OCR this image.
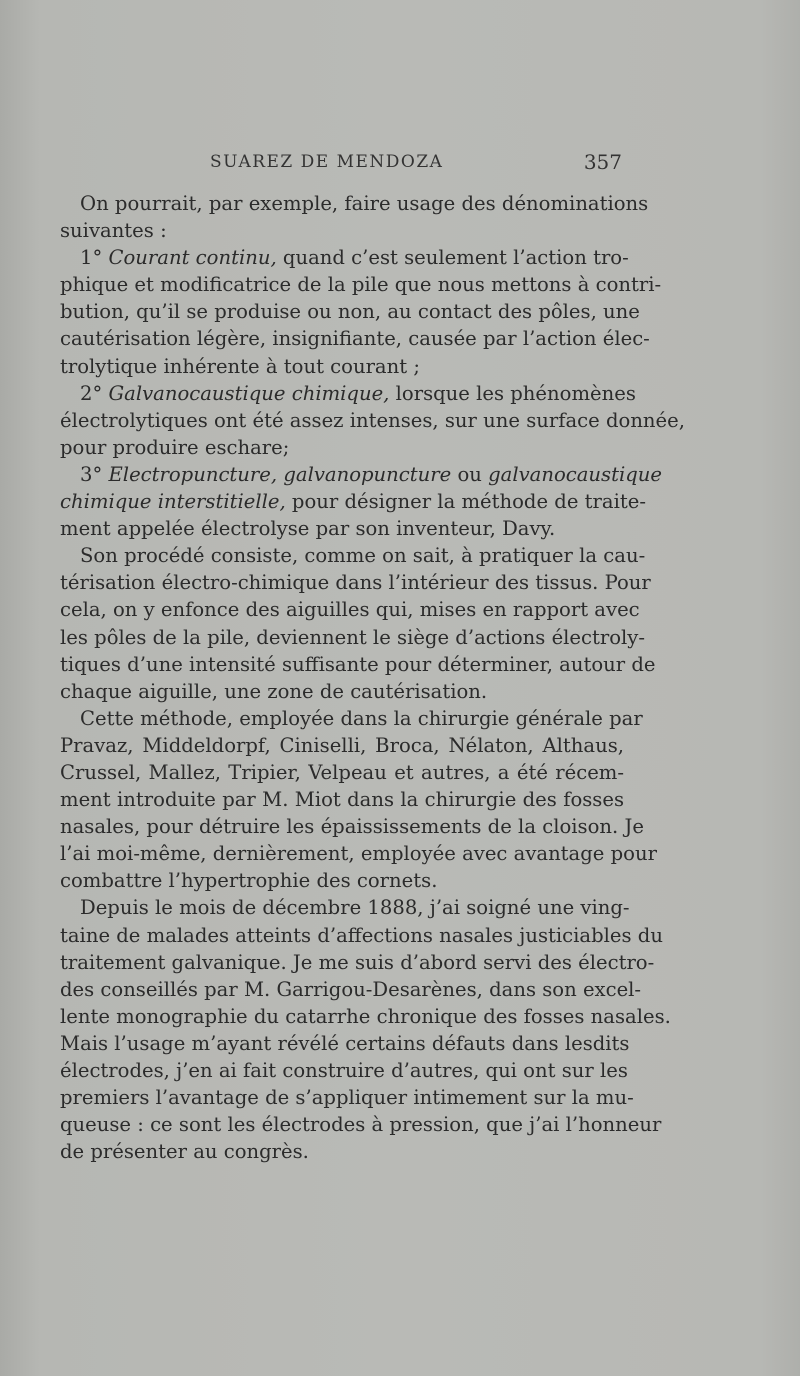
SUAREZ DE MENDOZA	357
On pourrait, par exemple, faire usage des dénominations
suivantes :
1° Courant continu, quand c’est seulement l’action tro-
phique et modificatrice de la pile que nous mettons à contri-
bution, qu’il se produise ou non, au contact des pôles, une
cautérisation légère, insignifiante, causée par l’action élec-
trolytique inhérente à tout courant ;
2° Galvanocaustique chimique, lorsque les phénomènes
électrolytiques ont été assez intenses, sur une surface donnée,
pour produire eschare;
3° Electropuncture, galvanopuncture ou galvanocaustique
chimique interstitielle, pour désigner la méthode de traite-
ment appelée électrolyse par son inventeur, Davy.
Son procédé consiste, comme on sait, à pratiquer la cau-
térisation électro-chimique dans l’intérieur des tissus. Pour
cela, on y enfonce des aiguilles qui, mises en rapport avec
les pôles de la pile, deviennent le siège d’actions électroly-
tiques d’une intensité suffisante pour déterminer, autour de
chaque aiguille, une zone de cautérisation.
Cette méthode, employée dans la chirurgie générale par
Pravaz, Middeldorpf, Ciniselli, Broca, Nélaton, Althaus,
Crussel, Mallez, Tripier, Velpeau et autres, a été récem-
ment introduite par M. Miot dans la chirurgie des fosses
nasales, pour détruire les épaississements de la cloison. Je
l’ai moi-même, dernièrement, employée avec avantage pour
combattre l’hypertrophie des cornets.
Depuis le mois de décembre 1888, j’ai soigné une ving-
taine de malades atteints d’affections nasales justiciables du
traitement galvanique. Je me suis d’abord servi des électro-
des conseillés par M. Garrigou-Desarènes, dans son excel-
lente monographie du catarrhe chronique des fosses nasales.
Mais l’usage m’ayant révélé certains défauts dans lesdits
électrodes, j’en ai fait construire d’autres, qui ont sur les
premiers l’avantage de s’appliquer intimement sur la mu-
queuse : ce sont les électrodes à pression, que j’ai l’honneur
de présenter au congrès.
